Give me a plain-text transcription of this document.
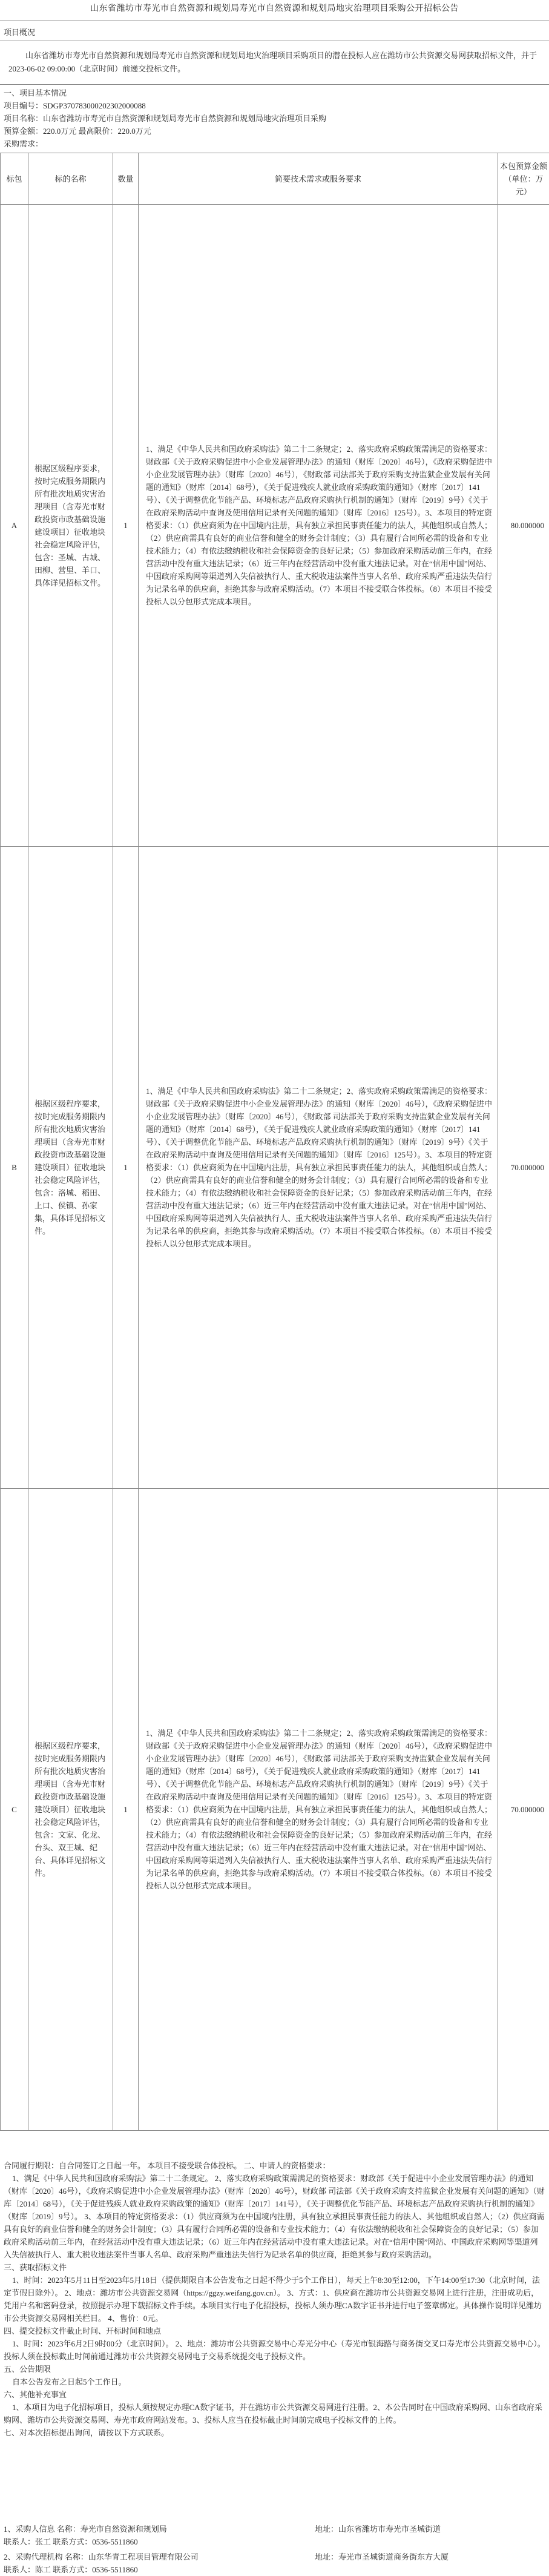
山东省潍坊市寿光市自然资源和规划局寿光市自然资源和规划局地灾治理项目采购公开招标公告
项目概况

山东省潍坊市寿光市自然资源和规划局寿光市自然资源和规划局地灾治理项目采购项目的潜在投标人应在潍坊市公共资源交易网获取招标文件，并于2023-06-02 09:00:00（北京时间）前递交投标文件。

一、项目基本情况

项目编号：SDGP370783000202302000088

项目名称：山东省潍坊市寿光市自然资源和规划局寿光市自然资源和规划局地灾治理项目采购

预算金额：220.0万元 最高限价：220.0万元

采购需求：

标包	标的名称	数量	简要技术需求或服务要求	本包预算金额（单位：万元）
A	根据区级程序要求，按时完成服务期限内所有批次地质灾害治理项目（含寿光市财政投资市政基础设施建设项目）征收地块社会稳定风险评估，包含：圣城、古城、田柳、营里、羊口、具体详见招标文件。	1	1、满足《中华人民共和国政府采购法》第二十二条规定；2、落实政府采购政策需满足的资格要求：财政部《关于政府采购促进中小企业发展管理办法》的通知（财库〔2020〕46号），《政府采购促进中小企业发展管理办法》（财库〔2020〕46号），《财政部 司法部关于政府采购支持监狱企业发展有关问题的通知》（财库〔2014〕68号），《关于促进残疾人就业政府采购政策的通知》（财库〔2017〕141号）、《关于调整优化节能产品、环境标志产品政府采购执行机制的通知》（财库〔2019〕9号）《关于在政府采购活动中查询及使用信用记录有关问题的通知》（财库〔2016〕125号）。3、本项目的特定资格要求：（1）供应商须为在中国境内注册，具有独立承担民事责任能力的法人，其他组织或自然人；（2）供应商需具有良好的商业信誉和健全的财务会计制度；（3）具有履行合同所必需的设备和专业技术能力；（4）有依法缴纳税收和社会保障资金的良好记录；（5）参加政府采购活动前三年内，在经营活动中没有重大违法记录；（6）近三年内在经营活动中没有重大违法记录。对在“信用中国”网站、中国政府采购网等渠道列入失信被执行人、重大税收违法案件当事人名单、政府采购严重违法失信行为记录名单的供应商，拒绝其参与政府采购活动。（7）本项目不接受联合体投标。（8）本项目不接受投标人以分包形式完成本项目。	80.000000
B	根据区级程序要求，按时完成服务期限内所有批次地质灾害治理项目（含寿光市财政投资市政基础设施建设项目）征收地块社会稳定风险评估，包含：洛城、稻田、上口、侯镇、孙家集，具体详见招标文件。	1	1、满足《中华人民共和国政府采购法》第二十二条规定；2、落实政府采购政策需满足的资格要求：财政部《关于政府采购促进中小企业发展管理办法》的通知（财库〔2020〕46号），《政府采购促进中小企业发展管理办法》（财库〔2020〕46号），《财政部 司法部关于政府采购支持监狱企业发展有关问题的通知》（财库〔2014〕68号），《关于促进残疾人就业政府采购政策的通知》（财库〔2017〕141号）、《关于调整优化节能产品、环境标志产品政府采购执行机制的通知》（财库〔2019〕9号）《关于在政府采购活动中查询及使用信用记录有关问题的通知》（财库〔2016〕125号）。3、本项目的特定资格要求：（1）供应商须为在中国境内注册，具有独立承担民事责任能力的法人，其他组织或自然人；（2）供应商需具有良好的商业信誉和健全的财务会计制度；（3）具有履行合同所必需的设备和专业技术能力；（4）有依法缴纳税收和社会保障资金的良好记录；（5）参加政府采购活动前三年内，在经营活动中没有重大违法记录；（6）近三年内在经营活动中没有重大违法记录。对在“信用中国”网站、中国政府采购网等渠道列入失信被执行人、重大税收违法案件当事人名单、政府采购严重违法失信行为记录名单的供应商，拒绝其参与政府采购活动。（7）本项目不接受联合体投标。（8）本项目不接受投标人以分包形式完成本项目。	70.000000
C	根据区级程序要求，按时完成服务期限内所有批次地质灾害治理项目（含寿光市财政投资市政基础设施建设项目）征收地块社会稳定风险评估，包含：文家、化龙、台头、双王城、纪台、具体详见招标文件。	1	1、满足《中华人民共和国政府采购法》第二十二条规定；2、落实政府采购政策需满足的资格要求：财政部《关于政府采购促进中小企业发展管理办法》的通知（财库〔2020〕46号），《政府采购促进中小企业发展管理办法》（财库〔2020〕46号），《财政部 司法部关于政府采购支持监狱企业发展有关问题的通知》（财库〔2014〕68号），《关于促进残疾人就业政府采购政策的通知》（财库〔2017〕141号）、《关于调整优化节能产品、环境标志产品政府采购执行机制的通知》（财库〔2019〕9号）《关于在政府采购活动中查询及使用信用记录有关问题的通知》（财库〔2016〕125号）。3、本项目的特定资格要求：（1）供应商须为在中国境内注册，具有独立承担民事责任能力的法人，其他组织或自然人；（2）供应商需具有良好的商业信誉和健全的财务会计制度；（3）具有履行合同所必需的设备和专业技术能力；（4）有依法缴纳税收和社会保障资金的良好记录；（5）参加政府采购活动前三年内，在经营活动中没有重大违法记录；（6）近三年内在经营活动中没有重大违法记录。对在“信用中国”网站、中国政府采购网等渠道列入失信被执行人、重大税收违法案件当事人名单、政府采购严重违法失信行为记录名单的供应商，拒绝其参与政府采购活动。（7）本项目不接受联合体投标。（8）本项目不接受投标人以分包形式完成本项目。	70.000000

合同履行期限：自合同签订之日起一年。 本项目不接受联合体投标。 二、申请人的资格要求：

1、满足《中华人民共和国政府采购法》第二十二条规定。 2、落实政府采购政策需满足的资格要求：财政部《关于促进中小企业发展管理办法》的通知（财库〔2020〕46号），《政府采购促进中小企业发展管理办法》（财库〔2020〕46号），财政部 司法部《关于政府采购支持监狱企业发展有关问题的通知》（财库〔2014〕68号），《关于促进残疾人就业政府采购政策的通知》（财库〔2017〕141号），《关于调整优化节能产品、环境标志产品政府采购执行机制的通知》（财库〔2019〕9号）。 3、本项目的特定资格要求：（1）供应商须为在中国境内注册，具有独立承担民事责任能力的法人、其他组织或自然人；（2）供应商需具有良好的商业信誉和健全的财务会计制度；（3）具有履行合同所必需的设备和专业技术能力；（4）有依法缴纳税收和社会保障资金的良好记录；（5）参加政府采购活动前三年内，在经营活动中没有重大违法记录；（6）近三年内在经营活动中没有重大违法记录。对在“信用中国”网站、中国政府采购网等渠道列入失信被执行人、重大税收违法案件当事人名单、政府采购严重违法失信行为记录名单的供应商，拒绝其参与政府采购活动。

三、获取招标文件

1、时间：2023年5月11日至2023年5月18日（提供期限自本公告发布之日起不得少于5个工作日），每天上午8:30至12:00，下午14:00至17:30（北京时间，法定节假日除外）。 2、地点：潍坊市公共资源交易网（https://ggzy.weifang.gov.cn）。 3、方式：1、供应商在潍坊市公共资源交易网上进行注册，注册成功后，凭用户名和密码登录，按照提示办理下载招标文件手续。本项目实行电子化招投标，投标人须办理CA数字证书并进行电子签章绑定。具体操作说明详见潍坊市公共资源交易网相关栏目。 4、售价：0元。

四、提交投标文件截止时间、开标时间和地点

1、时间：2023年6月2日9时00分（北京时间）。 2、地点：潍坊市公共资源交易中心寿光分中心（寿光市银海路与商务街交叉口寿光市公共资源交易中心）。投标人须在投标截止时间前通过潍坊市公共资源交易网电子交易系统提交电子投标文件。

五、公告期限

自本公告发布之日起5个工作日。

六、其他补充事宜

1、本项目为电子化招标项目，投标人须按规定办理CA数字证书，并在潍坊市公共资源交易网进行注册。2、本公告同时在中国政府采购网、山东省政府采购网、潍坊市公共资源交易网、寿光市政府网站发布。3、投标人应当在投标截止时间前完成电子投标文件的上传。

七、对本次招标提出询问，请按以下方式联系。

1、采购人信息 名称：寿光市自然资源和规划局	地址：山东省潍坊市寿光市圣城街道
联系人：张工 联系方式：0536-5511860
2、采购代理机构 名称：山东华青工程项目管理有限公司	地址：寿光市圣城街道商务街东方大厦
联系人：陈工 联系方式：0536-5511860
